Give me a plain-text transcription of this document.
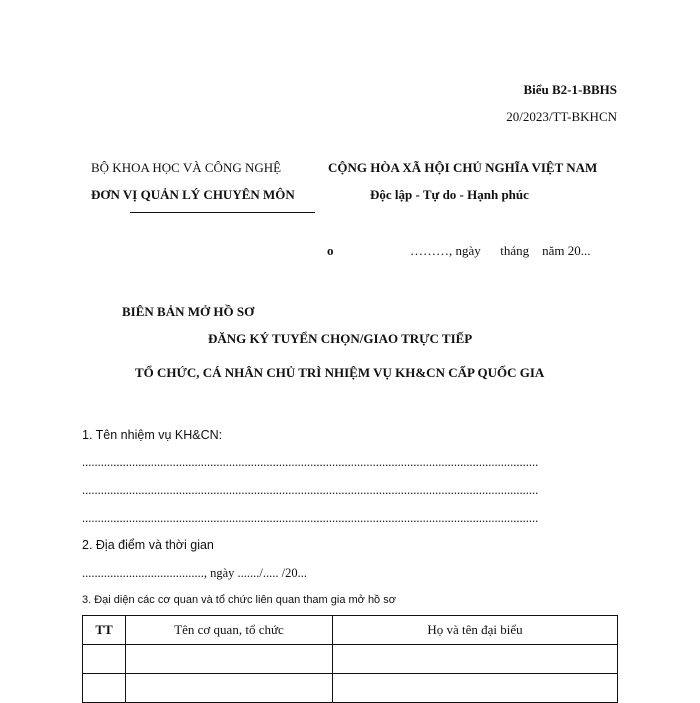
Biểu B2-1-BBHS
20/2023/TT-BKHCN
BỘ KHOA HỌC VÀ CÔNG NGHỆ
ĐƠN VỊ QUẢN LÝ CHUYÊN MÔN
CỘNG HÒA XÃ HỘI CHỦ NGHĨA VIỆT NAM
Độc lập - Tự do - Hạnh phúc
o	………, ngày      tháng    năm 20...
BIÊN BẢN MỞ HỒ SƠ
ĐĂNG KÝ TUYỂN CHỌN/GIAO TRỰC TIẾP
TỔ CHỨC, CÁ NHÂN CHỦ TRÌ NHIỆM VỤ KH&CN CẤP QUỐC GIA
1. Tên nhiệm vụ KH&CN:
..................................................................................................................................................
..................................................................................................................................................
..................................................................................................................................................
2. Địa điểm và thời gian
......................................., ngày ......./..... /20...
3. Đại diện các cơ quan và tổ chức liên quan tham gia mở hồ sơ
TT	Tên cơ quan, tổ chức	Họ và tên đại biểu
